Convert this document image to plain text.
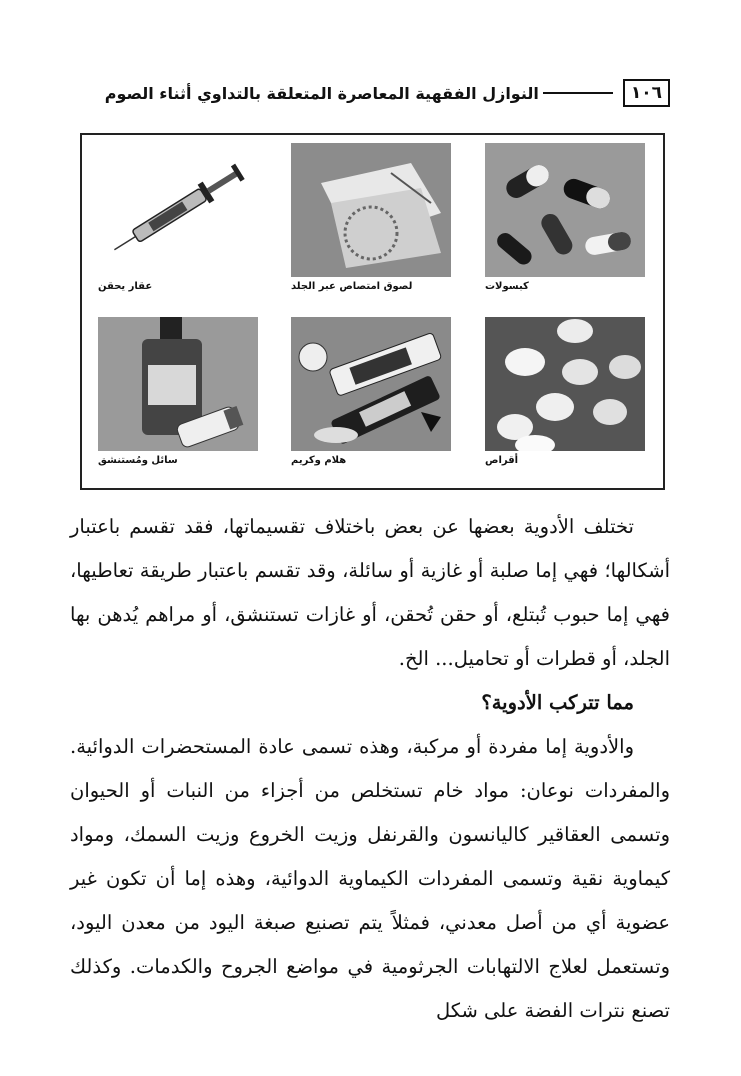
١٠٦
النوازل الفقهية المعاصرة المتعلقة بالتداوي أثناء الصوم
كبسولات
لصوق امتصاص عبر الجلد
عقار يحقن
أقراص
هلام وكريم
سائل ومُستنشق

تختلف الأدوية بعضها عن بعض باختلاف تقسيماتها، فقد تقسم باعتبار أشكالها؛ فهي إما صلبة أو غازية أو سائلة، وقد تقسم باعتبار طريقة تعاطيها، فهي إما حبوب تُبتلع، أو حقن تُحقن، أو غازات تستنشق، أو مراهم يُدهن بها الجلد، أو قطرات أو تحاميل... الخ.

مما تتركب الأدوية؟

والأدوية إما مفردة أو مركبة، وهذه تسمى عادة المستحضرات الدوائية. والمفردات نوعان: مواد خام تستخلص من أجزاء من النبات أو الحيوان وتسمى العقاقير كاليانسون والقرنفل وزيت الخروع وزيت السمك، ومواد كيماوية نقية وتسمى المفردات الكيماوية الدوائية، وهذه إما أن تكون غير عضوية أي من أصل معدني، فمثلاً يتم تصنيع صبغة اليود من معدن اليود، وتستعمل لعلاج الالتهابات الجرثومية في مواضع الجروح والكدمات. وكذلك تصنع نترات الفضة على شكل
